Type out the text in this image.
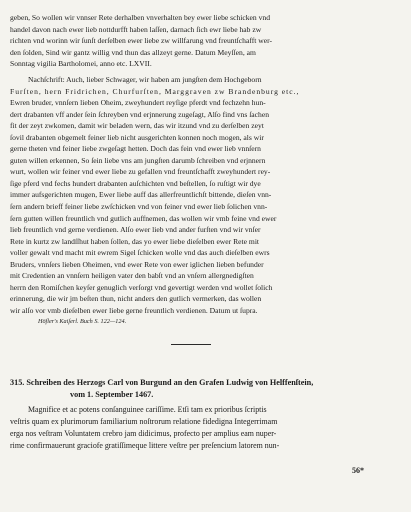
geben, So wollen wir vnnser Rete derhalben vnverhalten bey ewer liebe schicken vnd
handel davon nach ewer lieb nottdurfft haben laſſen, darnach ſich ewr liebe hab zw
richten vnd worinn wir ſunſt derſelben ewer liebe zw willfarung vnd freuntſchafft wer-
den ſolden, Sind wir gantz willig vnd thun das allzeyt gerne. Datum Meyſſen, am
Sonntag vigilia Bartholomei, anno etc. LXVII.
Nachſchrift: Auch, lieber Schwager, wir haben am jungſten dem Hochgeborn
Furſten, hern Fridrichen, Churfurſten, Marggraven zw Brandenburg etc.,
Ewren bruder, vnnſern lieben Oheim, zweyhundert reyſige pferdt vnd fechzehn hun-
dert drabanten vff ander ſein ſchreyben vnd erjnnerung zugeſagt, Alſo find vns ſachen
fit der zeyt zwkomen, damit wir beladen wern, das wir itzund vnd zu derſelben zeyt
ſovil drabanten obgemelt feiner lieb nicht ausgerichten konnen noch mogen, als wir
gerne theten vnd feiner liebe zwgeſagt hetten. Doch das fein vnd ewer lieb vnnſern
guten willen erkennen, So ſein liebe vns am jungſten darumb ſchreiben vnd erjnnern
wurt, wollen wir feiner vnd ewer liebe zu gefallen vnd freuntſchafft zweyhundert rey-
ſige pferd vnd fechs hundert drabanten auſchichten vnd beſtellen, ſo ruſtigt wir dye
immer aufsgerichten mugen, Ewer liebe auff das allerfreuntlichſt bittende, dieſen vnn-
ſern andern brieff feiner liebe zwſchicken vnd von feiner vnd ewer lieb ſolichen vnn-
ſern gutten willen freuntlich vnd gutlich auffnemen, das wollen wir vmb feine vnd ewer
lieb freuntlich vnd gerne verdienen. Alſo ewer lieb vnd ander furſten vnd wir vnſer
Rete in kurtz zw landſſhut haben ſollen, das yo ewer liebe dieſelben ewer Rete mit
voller gewalt vnd macht mit ewrem Sigel ſchicken wolle vnd das auch dieſelben ewrs
Bruders, vnnſers lieben Oheimen, vnd ewer Rete von ewer iglichen lieben befunder
mit Credentien an vnnſern heiligen vater den babſt vnd an vnſern allergnedigſten
herrn den Romiſchen keyſer genuglich verſorgt vnd gevertigt werden vnd wollet ſolich
erinnerung, die wir jm beſten thun, nicht anders den gutlich vermerken, das wollen
wir alſo vor vmb dieſelben ewer liebe gerne freuntlich verdienen. Datum ut ſupra.
Höfler's Kaiſerl. Buch S. 122—124.
315. Schreiben des Herzogs Carl von Burgund an den Grafen Ludwig von Helffenſtein,
vom 1. September 1467.
Magnifice et ac potens conſanguinee cariſſime. Etſi tam ex prioribus ſcriptis
veſtris quam ex plurimorum familiarium noſtrorum relatione fidedigna Integerrimam
erga nos veſtram Voluntatem crebro jam didicimus, profecto per amplius eam nuper-
rime confirmauerunt graciofe gratiſſimeque littere veſtre per preſencium latorem nun-
56*
